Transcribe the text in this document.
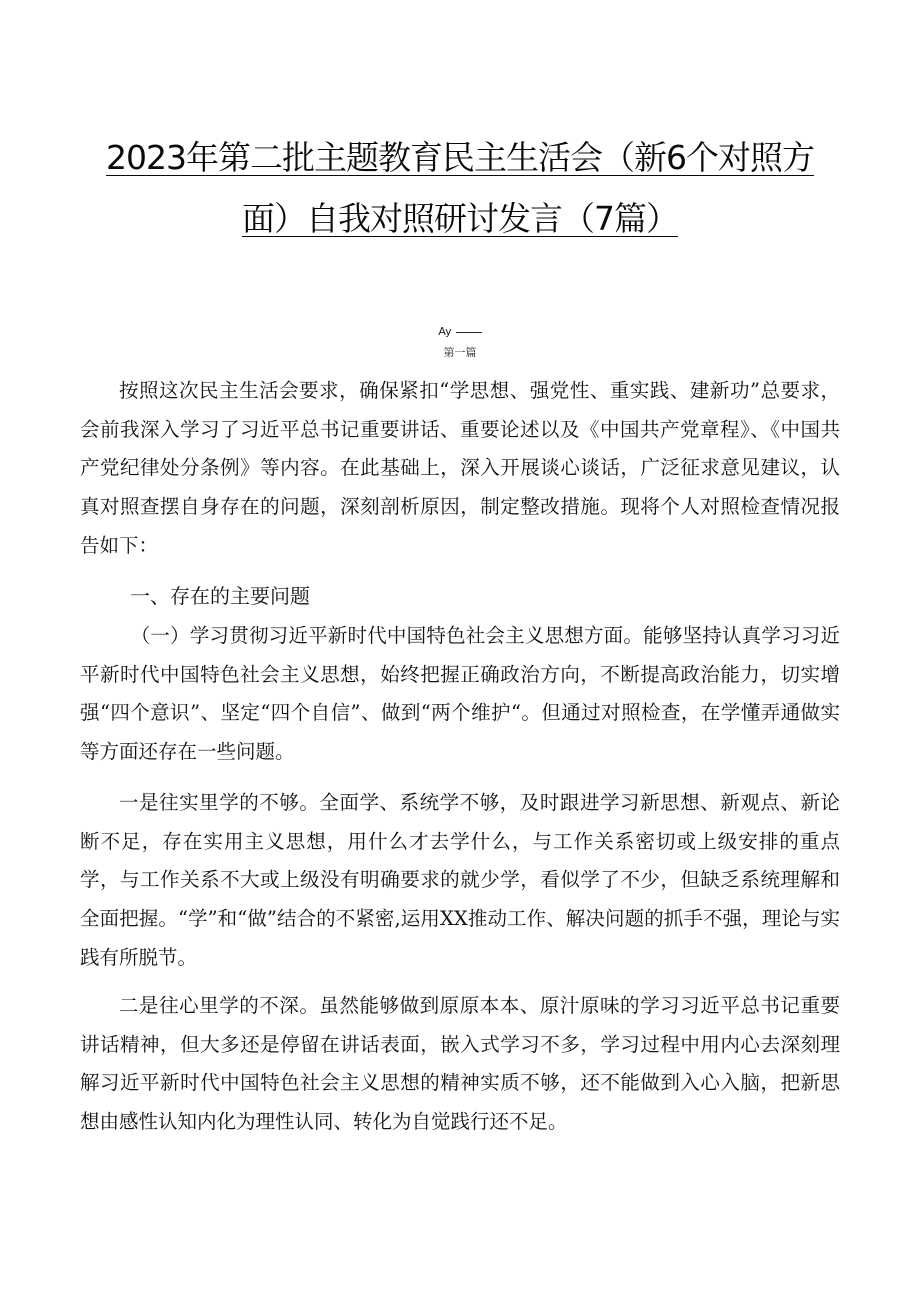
2023年第二批主题教育民主生活会（新6个对照方
面）自我对照研讨发言（7篇）
Ay
第一篇

按照这次民主生活会要求，确保紧扣“学思想、强党性、重实践、建新功”总要求，会前我深入学习了习近平总书记重要讲话、重要论述以及《中国共产党章程》、《中国共产党纪律处分条例》等内容。在此基础上，深入开展谈心谈话，广泛征求意见建议，认真对照查摆自身存在的问题，深刻剖析原因，制定整改措施。现将个人对照检查情况报告如下：

一、存在的主要问题

（一）学习贯彻习近平新时代中国特色社会主义思想方面。能够坚持认真学习习近平新时代中国特色社会主义思想，始终把握正确政治方向，不断提高政治能力，切实增强“四个意识”、坚定“四个自信”、做到“两个维护“。但通过对照检查，在学懂弄通做实等方面还存在一些问题。

一是往实里学的不够。全面学、系统学不够，及时跟进学习新思想、新观点、新论断不足，存在实用主义思想，用什么才去学什么，与工作关系密切或上级安排的重点学，与工作关系不大或上级没有明确要求的就少学，看似学了不少，但缺乏系统理解和全面把握。“学”和“做”结合的不紧密,运用XX推动工作、解决问题的抓手不强，理论与实践有所脱节。

二是往心里学的不深。虽然能够做到原原本本、原汁原味的学习习近平总书记重要讲话精神，但大多还是停留在讲话表面，嵌入式学习不多，学习过程中用内心去深刻理解习近平新时代中国特色社会主义思想的精神实质不够，还不能做到入心入脑，把新思想由感性认知内化为理性认同、转化为自觉践行还不足。
